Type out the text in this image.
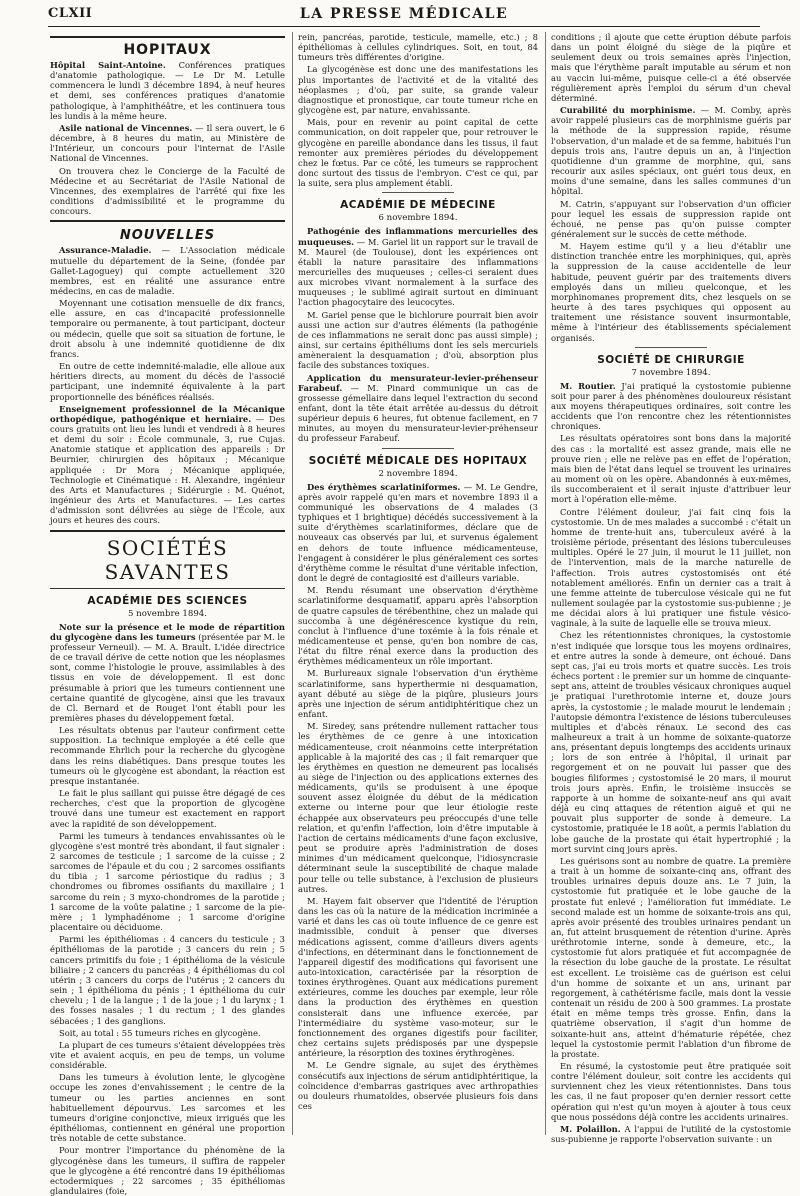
CLXII	LA PRESSE MÉDICALE
HOPITAUX

Hôpital Saint-Antoine. Conférences pratiques d'anatomie pathologique. — Le Dr M. Letulle commencera le lundi 3 décembre 1894, à neuf heures et demi, ses conférences pratiques d'anatomie pathologique, à l'amphithéâtre, et les continuera tous les lundis à la même heure.

Asile national de Vincennes. — Il sera ouvert, le 6 décembre, à 8 heures du matin, au Ministère de l'Intérieur, un concours pour l'internat de l'Asile National de Vincennes.

On trouvera chez le Concierge de la Faculté de Médecine et au Secrétariat de l'Asile National de Vincennes, des exemplaires de l'arrêté qui fixe les conditions d'admissibilité et le programme du concours.

NOUVELLES

Assurance-Maladie. — L'Association médicale mutuelle du département de la Seine, (fondée par Gallet-Lagoguey) qui compte actuellement 320 membres, est en réalité une assurance entre médecins, en cas de maladie.

Moyennant une cotisation mensuelle de dix francs, elle assure, en cas d'incapacité professionnelle temporaire ou permanente, à tout participant, docteur ou médecin, quelle que soit sa situation de fortune, le droit absolu à une indemnité quotidienne de dix francs.

En outre de cette indemnité-maladie, elle alloue aux héritiers directs, au moment du décès de l'associé participant, une indemnité équivalente à la part proportionnelle des bénéfices réalisés.

Enseignement professionnel de la Mécanique orthopédique, pathogénique et herniaire. — Des cours gratuits ont lieu les lundi et vendredi à 8 heures et demi du soir : École communale, 3, rue Cujas. Anatomie statique et application des appareils : Dr Beurnier, chirurgien des hôpitaux ; Mécanique appliquée : Dr Mora ; Mécanique appliquée, Technologie et Cinématique : H. Alexandre, ingénieur des Arts et Manufactures ; Sidérurgie : M. Quénot, ingénieur des Arts et Manufactures. — Les cartes d'admission sont délivrées au siège de l'École, aux jours et heures des cours.

SOCIÉTÉS SAVANTES
ACADÉMIE DES SCIENCES
5 novembre 1894.

Note sur la présence et le mode de répartition du glycogène dans les tumeurs (présentée par M. le professeur Verneuil). — M. A. Brault. L'idée directrice de ce travail dérive de cette notion que les néoplasmes sont, comme l'histologie le prouve, assimilables à des tissus en voie de développement. Il est donc présumable à priori que les tumeurs contiennent une certaine quantité de glycogène, ainsi que les travaux de Cl. Bernard et de Rouget l'ont établi pour les premières phases du développement fœtal.

Les résultats obtenus par l'auteur confirment cette supposition. La technique employée a été celle que recommande Ehrlich pour la recherche du glycogène dans les reins diabétiques. Dans presque toutes les tumeurs où le glycogène est abondant, la réaction est presque instantanée.

Le fait le plus saillant qui puisse être dégagé de ces recherches, c'est que la proportion de glycogène trouvé dans une tumeur est exactement en rapport avec la rapidité de son développement.

Parmi les tumeurs à tendances envahissantes où le glycogène s'est montré très abondant, il faut signaler : 2 sarcomes de testicule ; 1 sarcome de la cuisse ; 2 sarcomes de l'épaule et du cou ; 2 sarcomes ossifiants du tibia ; 1 sarcome périostique du radius ; 3 chondromes ou fibromes ossifiants du maxillaire ; 1 sarcome du rein ; 3 myxo-chondromes de la parotide ; 1 sarcome de la voûte palatine ; 1 sarcome de la pie-mère ; 1 lymphadénome ; 1 sarcome d'origine placentaire ou déciduome.

Parmi les épithéliomas : 4 cancers du testicule ; 3 épithéliomas de la parotide ; 3 cancers du rein ; 5 cancers primitifs du foie ; 1 épithélioma de la vésicule biliaire ; 2 cancers du pancréas ; 4 épithéliomas du col utérin ; 3 cancers du corps de l'utérus ; 2 cancers du sein ; 1 épithélioma du pénis ; 1 épithélioma du cuir chevelu ; 1 de la langue ; 1 de la joue ; 1 du larynx ; 1 des fosses nasales ; 1 du rectum ; 1 des glandes sébacées ; 1 des ganglions.

Soit, au total : 55 tumeurs riches en glycogène.

La plupart de ces tumeurs s'étaient développées très vite et avaient acquis, en peu de temps, un volume considérable.

Dans les tumeurs à évolution lente, le glycogène occupe les zones d'envahissement ; le centre de la tumeur ou les parties anciennes en sont habituellement dépourvus. Les sarcomes et les tumeurs d'origine conjonctive, mieux irrigués que les épithéliomas, contiennent en général une proportion très notable de cette substance.

Pour montrer l'importance du phénomène de la glycogénèse dans les tumeurs, il suffira de rappeler que le glycogène a été rencontré dans 19 épithéliomas ectodermiques ; 22 sarcomes ; 35 épithéliomas glandulaires (foie,

rein, pancréas, parotide, testicule, mamelle, etc.) ; 8 épithéliomas à cellules cylindriques. Soit, en tout, 84 tumeurs très différentes d'origine.

La glycogénèse est donc une des manifestations les plus importantes de l'activité et de la vitalité des néoplasmes ; d'où, par suite, sa grande valeur diagnostique et pronostique, car toute tumeur riche en glycogène est, par nature, envahissante.

Mais, pour en revenir au point capital de cette communication, on doit rappeler que, pour retrouver le glycogène en pareille abondance dans les tissus, il faut remonter aux premières périodes du développement chez le fœtus. Par ce côté, les tumeurs se rapprochent donc surtout des tissus de l'embryon. C'est ce qui, par la suite, sera plus amplement établi.

ACADÉMIE DE MÉDECINE
6 novembre 1894.

Pathogénie des inflammations mercurielles des muqueuses. — M. Gariel lit un rapport sur le travail de M. Maurel (de Toulouse), dont les expériences ont établi la nature parasitaire des inflammations mercurielles des muqueuses ; celles-ci seraient dues aux microbes vivant normalement à la surface des muqueuses ; le sublimé agirait surtout en diminuant l'action phagocytaire des leucocytes.

M. Gariel pense que le bichlorure pourrait bien avoir aussi une action sur d'autres éléments (la pathogénie de ces inflammations ne serait donc pas aussi simple) ; ainsi, sur certains épithéliums dont les sels mercuriels amèneraient la desquamation ; d'où, absorption plus facile des substances toxiques.

Application du mensurateur-levier-préhenseur Farabeuf. — M. Pinard communique un cas de grossesse gémellaire dans lequel l'extraction du second enfant, dont la tête était arrêtée au-dessus du détroit supérieur depuis 6 heures, fut obtenue facilement, en 7 minutes, au moyen du mensurateur-levier-préhenseur du professeur Farabeuf.

SOCIÉTÉ MÉDICALE DES HOPITAUX
2 novembre 1894.

Des érythèmes scarlatiniformes. — M. Le Gendre, après avoir rappelé qu'en mars et novembre 1893 il a communiqué les observations de 4 malades (3 typhiques et 1 brightique) décédés successivement à la suite d'érythèmes scarlatiniformes, déclare que de nouveaux cas observés par lui, et survenus également en dehors de toute influence médicamenteuse, l'engagent à considérer le plus généralement ces sortes d'érythème comme le résultat d'une véritable infection, dont le degré de contagiosité est d'ailleurs variable.

M. Rendu résumant une observation d'érythème scarlatiniforme desquamatif, apparu après l'absorption de quatre capsules de térébenthine, chez un malade qui succomba à une dégénérescence kystique du rein, conclut à l'influence d'une toxémie à la fois rénale et médicamenteuse et pense, qu'en bon nombre de cas, l'état du filtre rénal exerce dans la production des érythèmes médicamenteux un rôle important.

M. Burlureaux signale l'observation d'un érythème scarlatiniforme, sans hyperthermie ni desquamation, ayant débuté au siège de la piqûre, plusieurs jours après une injection de sérum antidiphtéritique chez un enfant.

M. Siredey, sans prétendre nullement rattacher tous les érythèmes de ce genre à une intoxication médicamenteuse, croit néanmoins cette interprétation applicable à la majorité des cas ; il fait remarquer que les érythèmes en question ne demeurent pas localisés au siège de l'injection ou des applications externes des médicaments, qu'ils se produisent à une époque souvent assez éloignée du début de la médication externe ou interne pour que leur étiologie reste échappée aux observateurs peu préoccupés d'une telle relation, et qu'enfin l'affection, loin d'être imputable à l'action de certains médicaments d'une façon exclusive, peut se produire après l'administration de doses minimes d'un médicament quelconque, l'idiosyncrasie déterminant seule la susceptibilité de chaque malade pour telle ou telle substance, à l'exclusion de plusieurs autres.

M. Hayem fait observer que l'identité de l'éruption dans les cas où la nature de la médication incriminée a varié et dans les cas où toute influence de ce genre est inadmissible, conduit à penser que diverses médications agissent, comme d'ailleurs divers agents d'infections, en déterminant dans le fonctionnement de l'appareil digestif des modifications qui favorisent une auto-intoxication, caractérisée par la résorption de toxines érythrogènes. Quant aux médications purement extérieures, comme les douches par exemple, leur rôle dans la production des érythèmes en question consisterait dans une influence exercée, par l'intermédiaire du système vaso-moteur, sur le fonctionnement des organes digestifs pour faciliter, chez certains sujets prédisposés par une dyspepsie antérieure, la résorption des toxines érythrogènes.

M. Le Gendre signale, au sujet des érythèmes consécutifs aux injections de sérum antidiphtéritique, la coïncidence d'embarras gastriques avec arthropathies ou douleurs rhumatoïdes, observée plusieurs fois dans ces

conditions ; il ajoute que cette éruption débute parfois dans un point éloigné du siège de la piqûre et seulement deux ou trois semaines après l'injection, mais que l'érythème paraît imputable au sérum et non au vaccin lui-même, puisque celle-ci a été observée régulièrement après l'emploi du sérum d'un cheval déterminé.

Curabilité du morphinisme. — M. Comby, après avoir rappelé plusieurs cas de morphinisme guéris par la méthode de la suppression rapide, résume l'observation, d'un malade et de sa femme, habitués l'un depuis trois ans, l'autre depuis un an, à l'injection quotidienne d'un gramme de morphine, qui, sans recourir aux asiles spéciaux, ont guéri tous deux, en moins d'une semaine, dans les salles communes d'un hôpital.

M. Catrin, s'appuyant sur l'observation d'un officier pour lequel les essais de suppression rapide ont échoué, ne pense pas qu'on puisse compter généralement sur le succès de cette méthode.

M. Hayem estime qu'il y a lieu d'établir une distinction tranchée entre les morphiniques, qui, après la suppression de la cause accidentelle de leur habitude, peuvent guérir par des traitements divers employés dans un milieu quelconque, et les morphinomanes proprement dits, chez lesquels on se heurte à des tares psychiques qui opposent au traitement une résistance souvent insurmontable, même à l'intérieur des établissements spécialement organisés.

SOCIÉTÉ DE CHIRURGIE
7 novembre 1894.

M. Routier. J'ai pratiqué la cystostomie pubienne soit pour parer à des phénomènes douloureux résistant aux moyens thérapeutiques ordinaires, soit contre les accidents que l'on rencontre chez les rétentionnistes chroniques.

Les résultats opératoires sont bons dans la majorité des cas : la mortalité est assez grande, mais elle ne prouve rien ; elle ne relève pas en effet de l'opération, mais bien de l'état dans lequel se trouvent les urinaires au moment où on les opère. Abandonnés à eux-mêmes, ils succomberaient et il serait injuste d'attribuer leur mort à l'opération elle-même.

Contre l'élément douleur, j'ai fait cinq fois la cystostomie. Un de mes malades a succombé : c'était un homme de trente-huit ans, tuberculeux avéré à la troisième période, présentant des lésions tuberculeuses multiples. Opéré le 27 juin, il mourut le 11 juillet, non de l'intervention, mais de la marche naturelle de l'affection. Trois autres cystostomisés ont été notablement améliorés. Enfin un dernier cas a trait à une femme atteinte de tuberculose vésicale qui ne fut nullement soulagée par la cystostomie sus-pubienne ; je me décidai alors à lui pratiquer une fistule vésico-vaginale, à la suite de laquelle elle se trouva mieux.

Chez les rétentionnistes chroniques, la cystostomie n'est indiquée que lorsque tous les moyens ordinaires, et entre autres la sonde à demeure, ont échoué. Dans sept cas, j'ai eu trois morts et quatre succès. Les trois échecs portent : le premier sur un homme de cinquante-sept ans, atteint de troubles vésicaux chroniques auquel je pratiquai l'urethrotomie interne et, douze jours après, la cystostomie ; le malade mourut le lendemain ; l'autopsie démontra l'existence de lésions tuberculeuses multiples et d'abcès rénaux. Le second des cas malheureux a trait à un homme de soixante-quatorze ans, présentant depuis longtemps des accidents urinaux ; lors de son entrée à l'hôpital, il urinait par regorgement et on ne pouvait lui passer que des bougies filiformes ; cystostomisé le 20 mars, il mourut trois jours après. Enfin, le troisième insuccès se rapporte à un homme de soixante-neuf ans qui avait déjà eu cinq attaques de rétention aiguë et qui ne pouvait plus supporter de sonde à demeure. La cystostomie, pratiquée le 18 août, a permis l'ablation du lobe gauche de la prostate qui était hypertrophié ; la mort survint cinq jours après.

Les guérisons sont au nombre de quatre. La première a trait à un homme de soixante-cinq ans, offrant des troubles urinaires depuis douze ans. Le 7 juin, la cystostomie fut pratiquée et le lobe gauche de la prostate fut enlevé ; l'amélioration fut immédiate. Le second malade est un homme de soixante-trois ans qui, après avoir présenté des troubles urinaires pendant un an, fut atteint brusquement de rétention d'urine. Après uréthrotomie interne, sonde à demeure, etc., la cystostomie fut alors pratiquée et fut accompagnée de la résection du lobe gauche de la prostate. Le résultat est excellent. Le troisième cas de guérison est celui d'un homme de soixante et un ans, urinant par regorgement, à cathétérisme facile, mais dont la vessie contenait un résidu de 200 à 500 grammes. La prostate était en même temps très grosse. Enfin, dans la quatrième observation, il s'agit d'un homme de soixante-huit ans, atteint d'hématurie répétée, chez lequel la cystostomie permit l'ablation d'un fibrome de la prostate.

En résumé, la cystostomie peut être pratiquée soit contre l'élément douleur, soit contre les accidents qui surviennent chez les vieux rétentionnistes. Dans tous les cas, il ne faut proposer qu'en dernier ressort cette opération qui n'est qu'un moyen à ajouter à tous ceux que nous possédons déjà contre les accidents urinaires.

M. Polaillon. A l'appui de l'utilité de la cystostomie sus-pubienne je rapporte l'observation suivante : un
